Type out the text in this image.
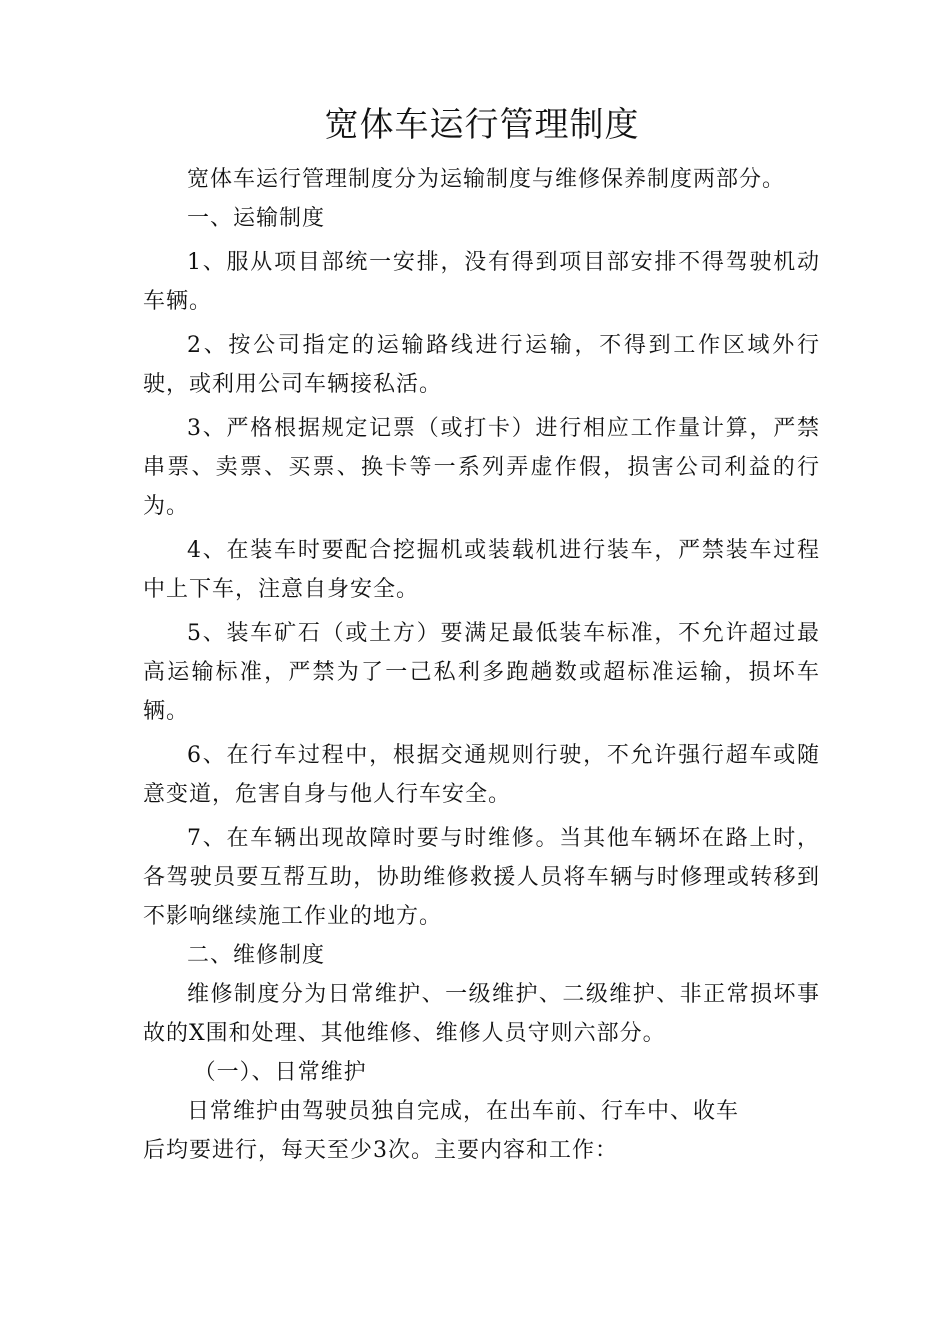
宽体车运行管理制度

宽体车运行管理制度分为运输制度与维修保养制度两部分。

一、运输制度

1、服从项目部统一安排，没有得到项目部安排不得驾驶机动车辆。

2、按公司指定的运输路线进行运输，不得到工作区域外行驶，或利用公司车辆接私活。

3、严格根据规定记票（或打卡）进行相应工作量计算，严禁串票、卖票、买票、换卡等一系列弄虚作假，损害公司利益的行为。

4、在装车时要配合挖掘机或装载机进行装车，严禁装车过程中上下车，注意自身安全。

5、装车矿石（或土方）要满足最低装车标准，不允许超过最高运输标准，严禁为了一己私利多跑趟数或超标准运输，损坏车辆。

6、在行车过程中，根据交通规则行驶，不允许强行超车或随意变道，危害自身与他人行车安全。

7、在车辆出现故障时要与时维修。当其他车辆坏在路上时，各驾驶员要互帮互助，协助维修救援人员将车辆与时修理或转移到不影响继续施工作业的地方。

二、维修制度

维修制度分为日常维护、一级维护、二级维护、非正常损坏事故的X围和处理、其他维修、维修人员守则六部分。

（一）、日常维护

日常维护由驾驶员独自完成，在出车前、行车中、收车

后均要进行，每天至少3次。主要内容和工作：
